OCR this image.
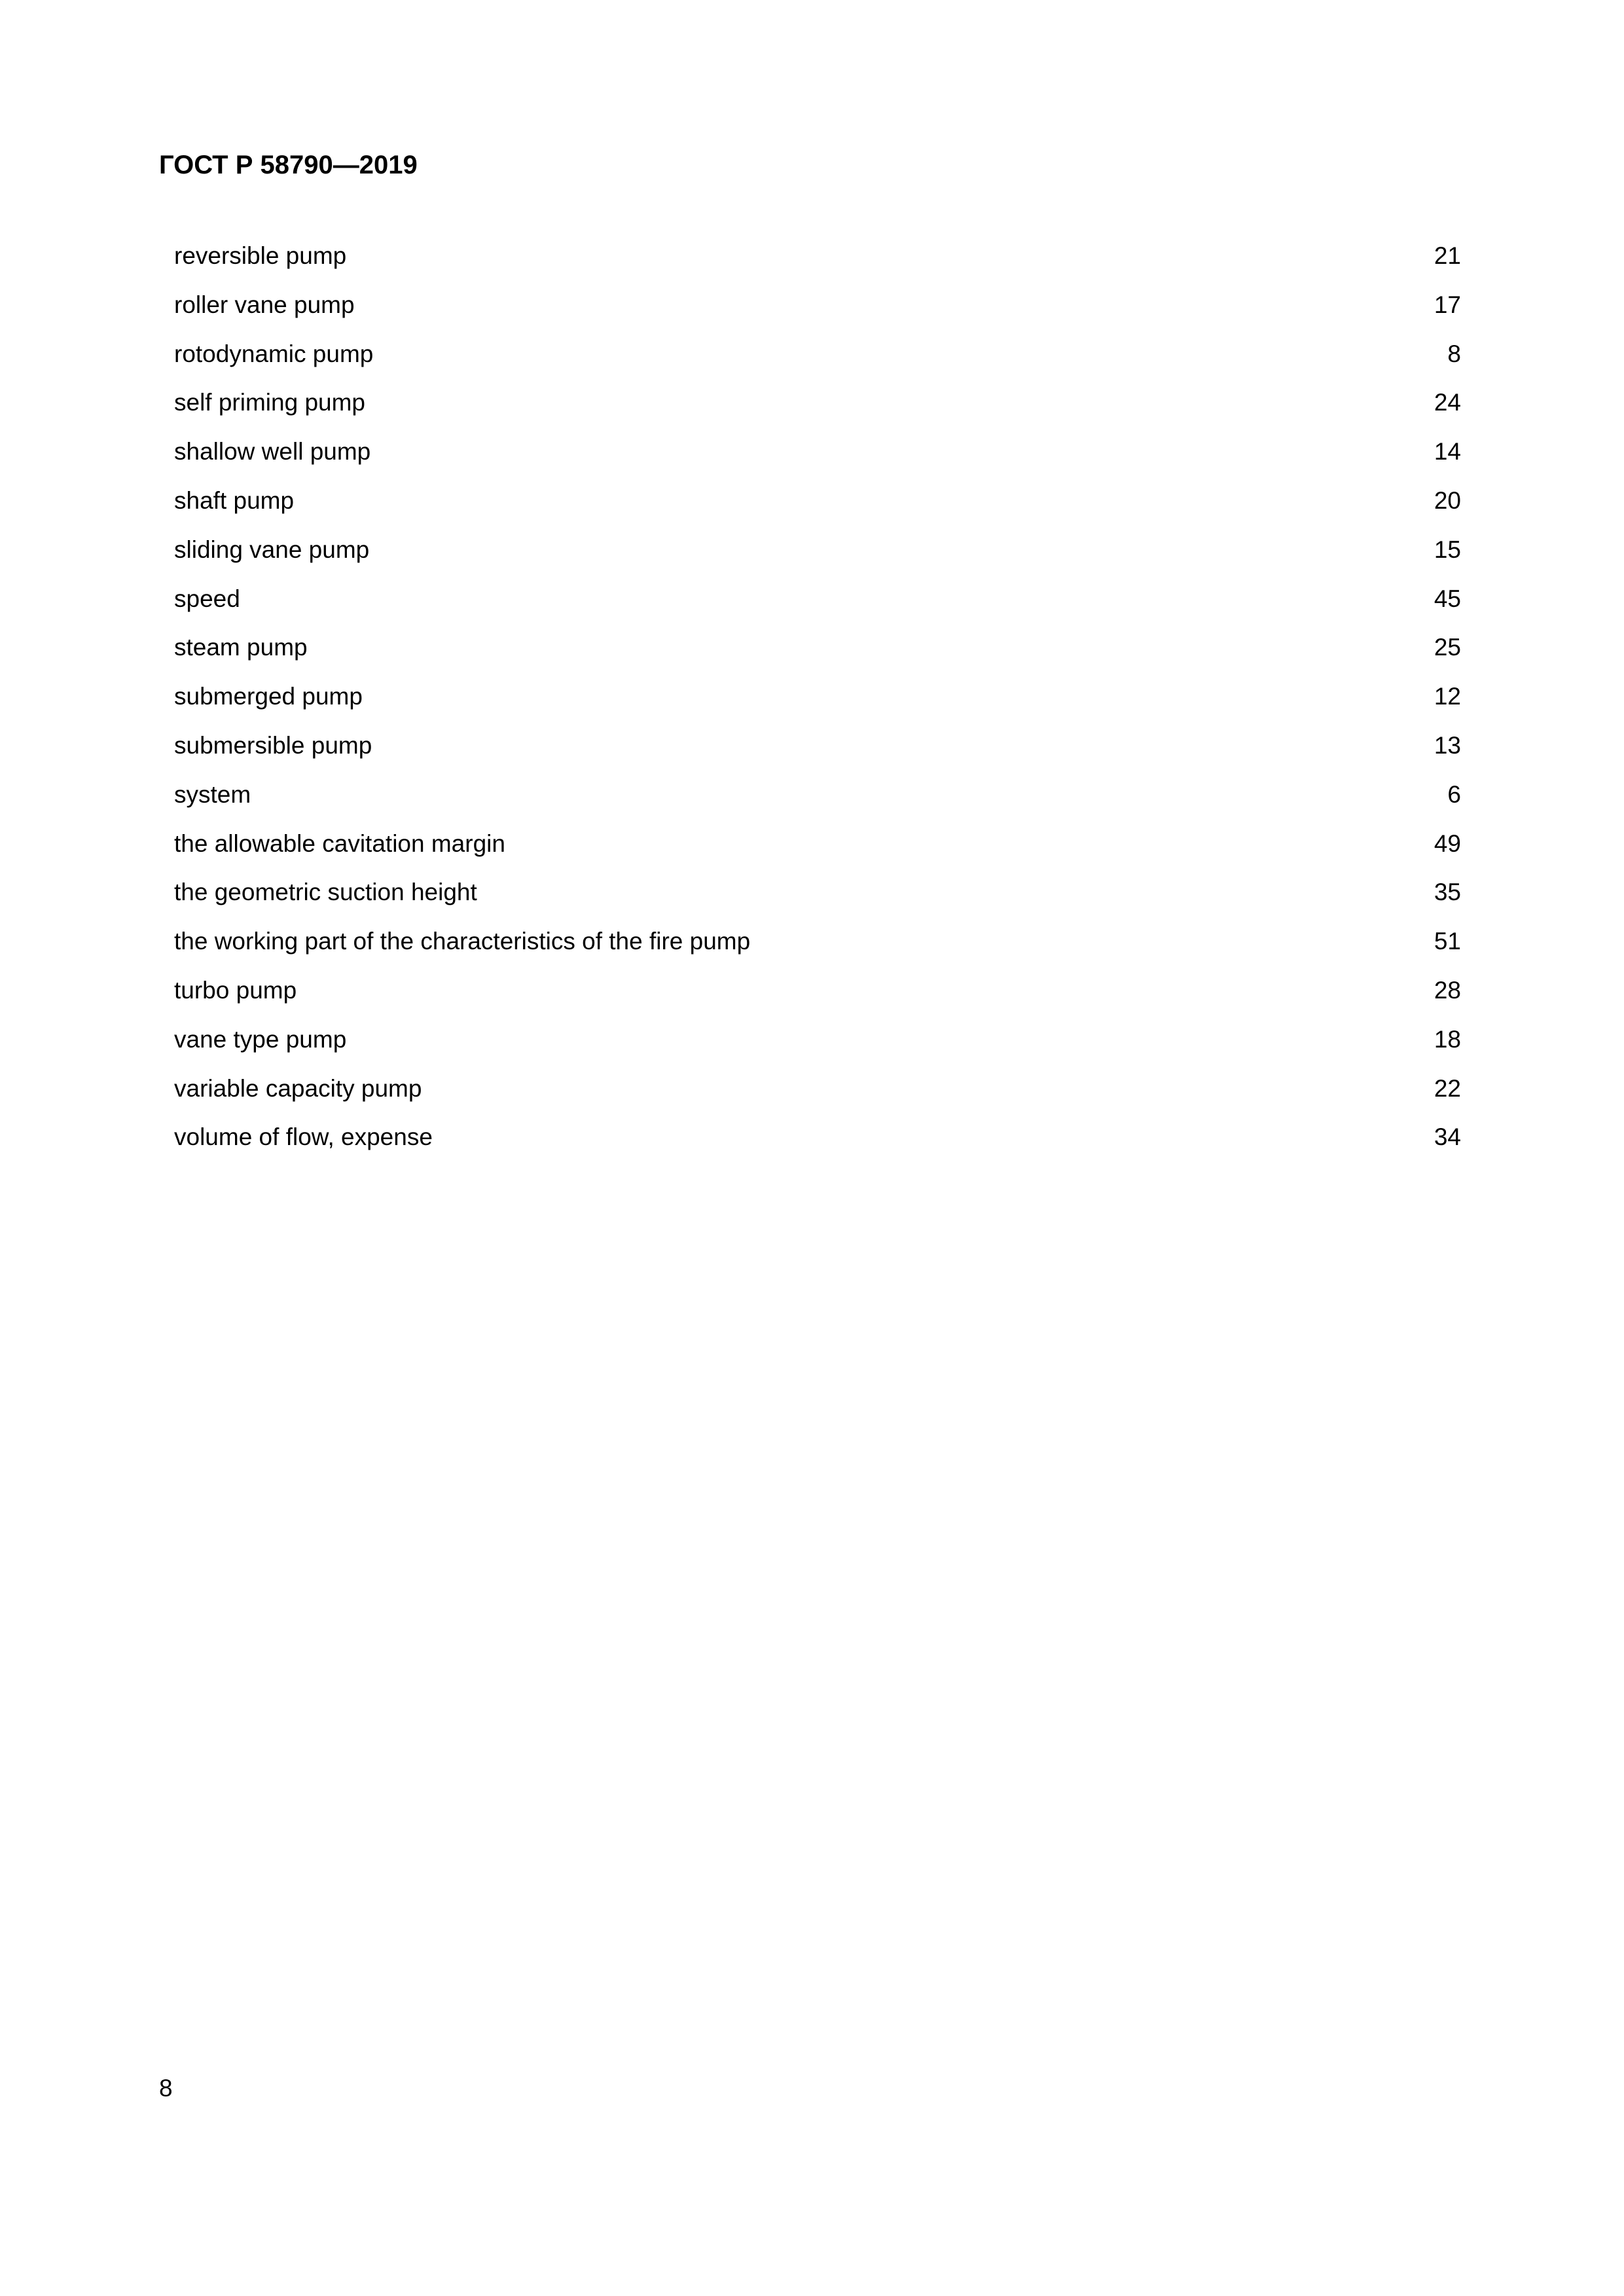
ГОСТ Р 58790—2019
reversible pump	21
roller vane pump	17
rotodynamic pump	8
self priming pump	24
shallow well pump	14
shaft pump	20
sliding vane pump	15
speed	45
steam pump	25
submerged pump	12
submersible pump	13
system	6
the allowable cavitation margin	49
the geometric suction height	35
the working part of the characteristics of the fire pump	51
turbo pump	28
vane type pump	18
variable capacity pump	22
volume of flow, expense	34
8
